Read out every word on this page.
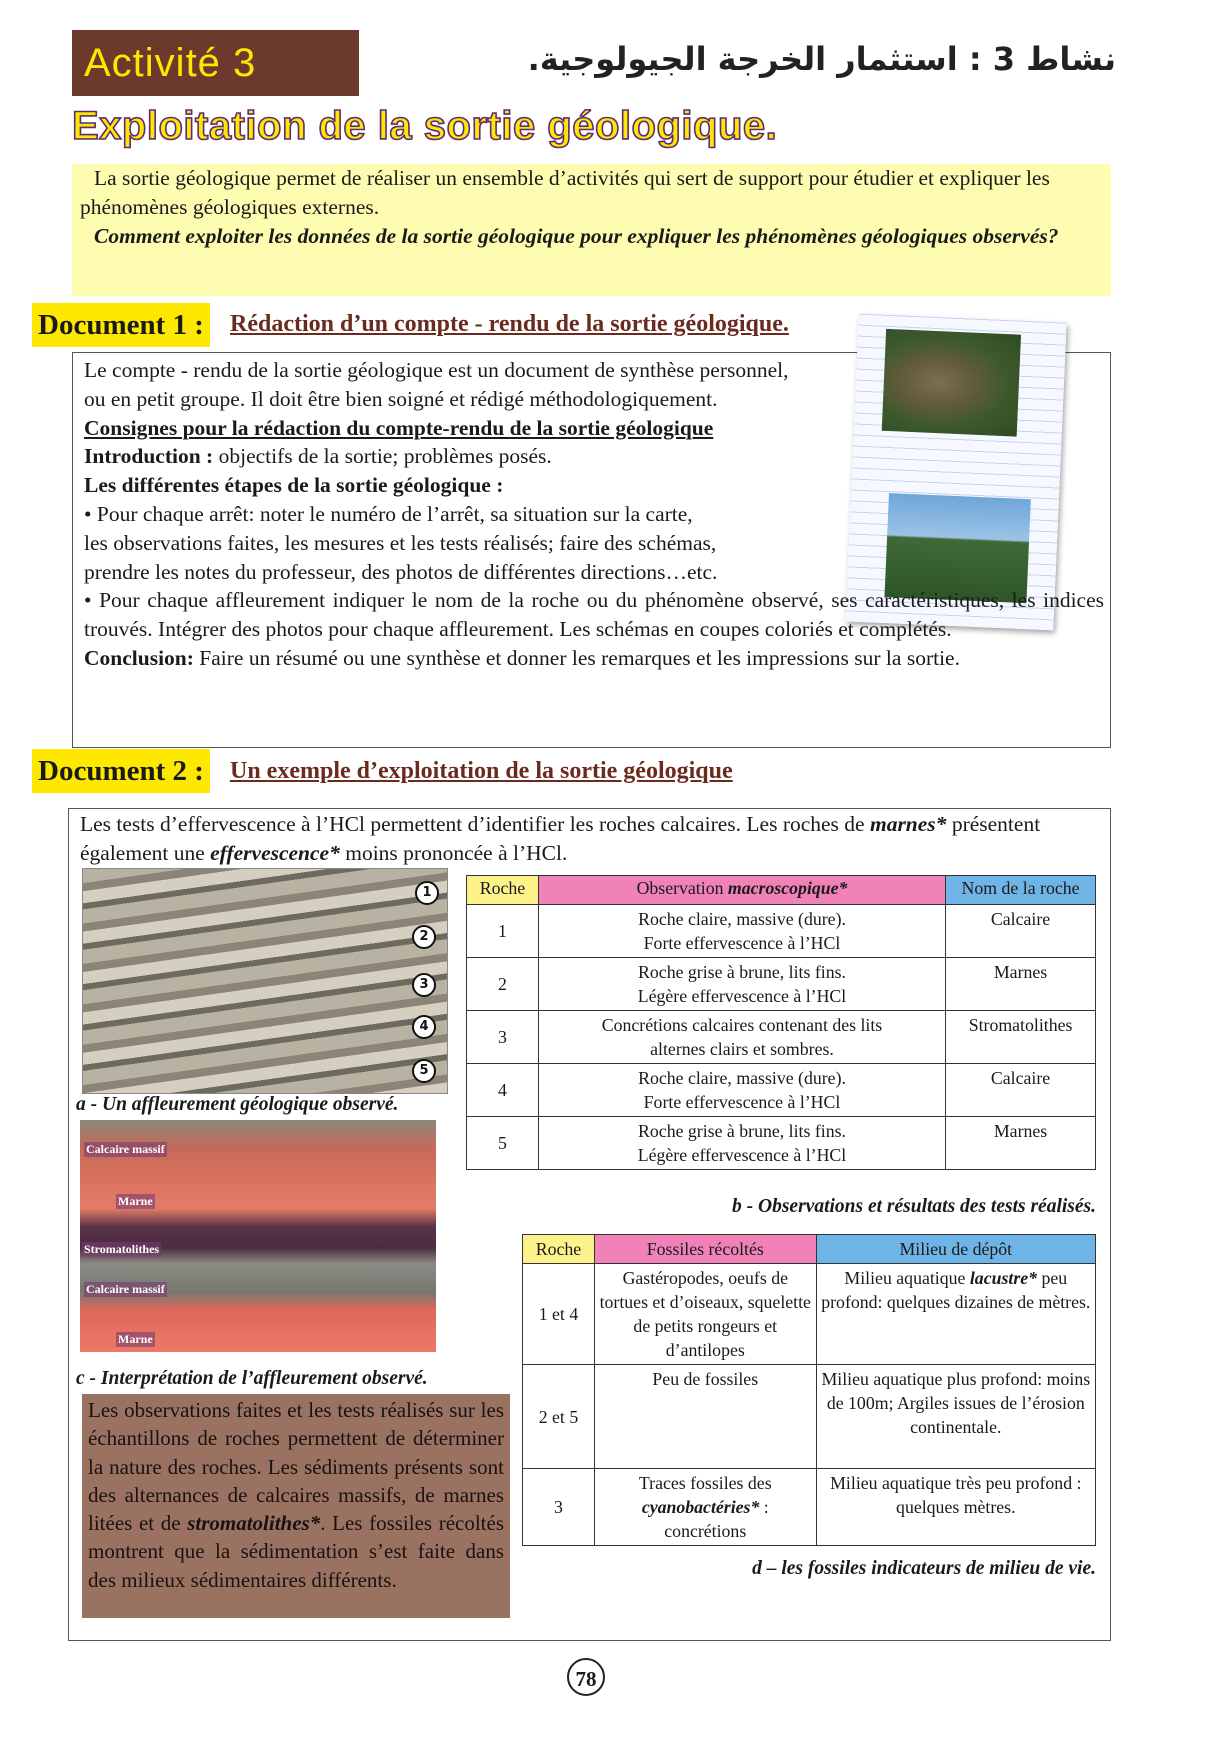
Activité 3	نشاط 3 : استثمار الخرجة الجيولوجية.
Exploitation de la sortie géologique.

La sortie géologique permet de réaliser un ensemble d’activités qui sert de support pour étudier et expliquer les phénomènes géologiques externes.

Comment exploiter les données de la sortie géologique pour expliquer les phénomènes géologiques observés?

Document 1 : Rédaction d’un compte - rendu de la sortie géologique.

Le compte - rendu de la sortie géologique est un document de synthèse personnel, ou en petit groupe. Il doit être bien soigné et rédigé méthodologiquement.

Consignes pour la rédaction du compte-rendu de la sortie géologique

Introduction : objectifs de la sortie; problèmes posés.

Les différentes étapes de la sortie géologique :

• Pour chaque arrêt: noter le numéro de l’arrêt, sa situation sur la carte,

les observations faites, les mesures et les tests réalisés; faire des schémas,

prendre les notes du professeur, des photos de différentes directions…etc.

• Pour chaque affleurement indiquer le nom de la roche ou du phénomène observé, ses caractéristiques, les indices trouvés. Intégrer des photos pour chaque affleurement. Les schémas en coupes coloriés et complétés.

Conclusion: Faire un résumé ou une synthèse et donner les remarques et les impressions sur la sortie.

Document 2 : Un exemple d’exploitation de la sortie géologique

Les tests d’effervescence à l’HCl permettent d’identifier les roches calcaires. Les roches de marnes* présentent également une effervescence* moins prononcée à l’HCl.

1
2
3
4
5
a - Un affleurement géologique observé.
Calcaire massif
Marne
Stromatolithes
Calcaire massif
Marne
c - Interprétation de l’affleurement observé.
Les observations faites et les tests réalisés sur les échantillons de roches permettent de déterminer la nature des roches. Les sédiments présents sont des alternances de calcaires massifs, de marnes litées et de stromatolithes*. Les fossiles récoltés montrent que la sédimentation s’est faite dans des milieux sédimentaires différents.
Roche	Observation macroscopique*	Nom de la roche
1	Roche claire, massive (dure).
Forte effervescence à l’HCl	Calcaire
2	Roche grise à brune, lits fins.
Légère effervescence à l’HCl	Marnes
3	Concrétions calcaires contenant des lits
alternes clairs et sombres.	Stromatolithes
4	Roche claire, massive (dure).
Forte effervescence à l’HCl	Calcaire
5	Roche grise à brune, lits fins.
Légère effervescence à l’HCl	Marnes
b - Observations et résultats des tests réalisés.
Roche	Fossiles récoltés	Milieu de dépôt
1 et 4	Gastéropodes, oeufs de tortues et d’oiseaux, squelette de petits rongeurs et d’antilopes	Milieu aquatique lacustre* peu profond: quelques dizaines de mètres.
2 et 5	Peu de fossiles	Milieu aquatique plus profond: moins de 100m; Argiles issues de l’érosion continentale.
3	Traces fossiles des cyanobactéries* : concrétions	Milieu aquatique très peu profond : quelques mètres.
d – les fossiles indicateurs de milieu de vie.
78
